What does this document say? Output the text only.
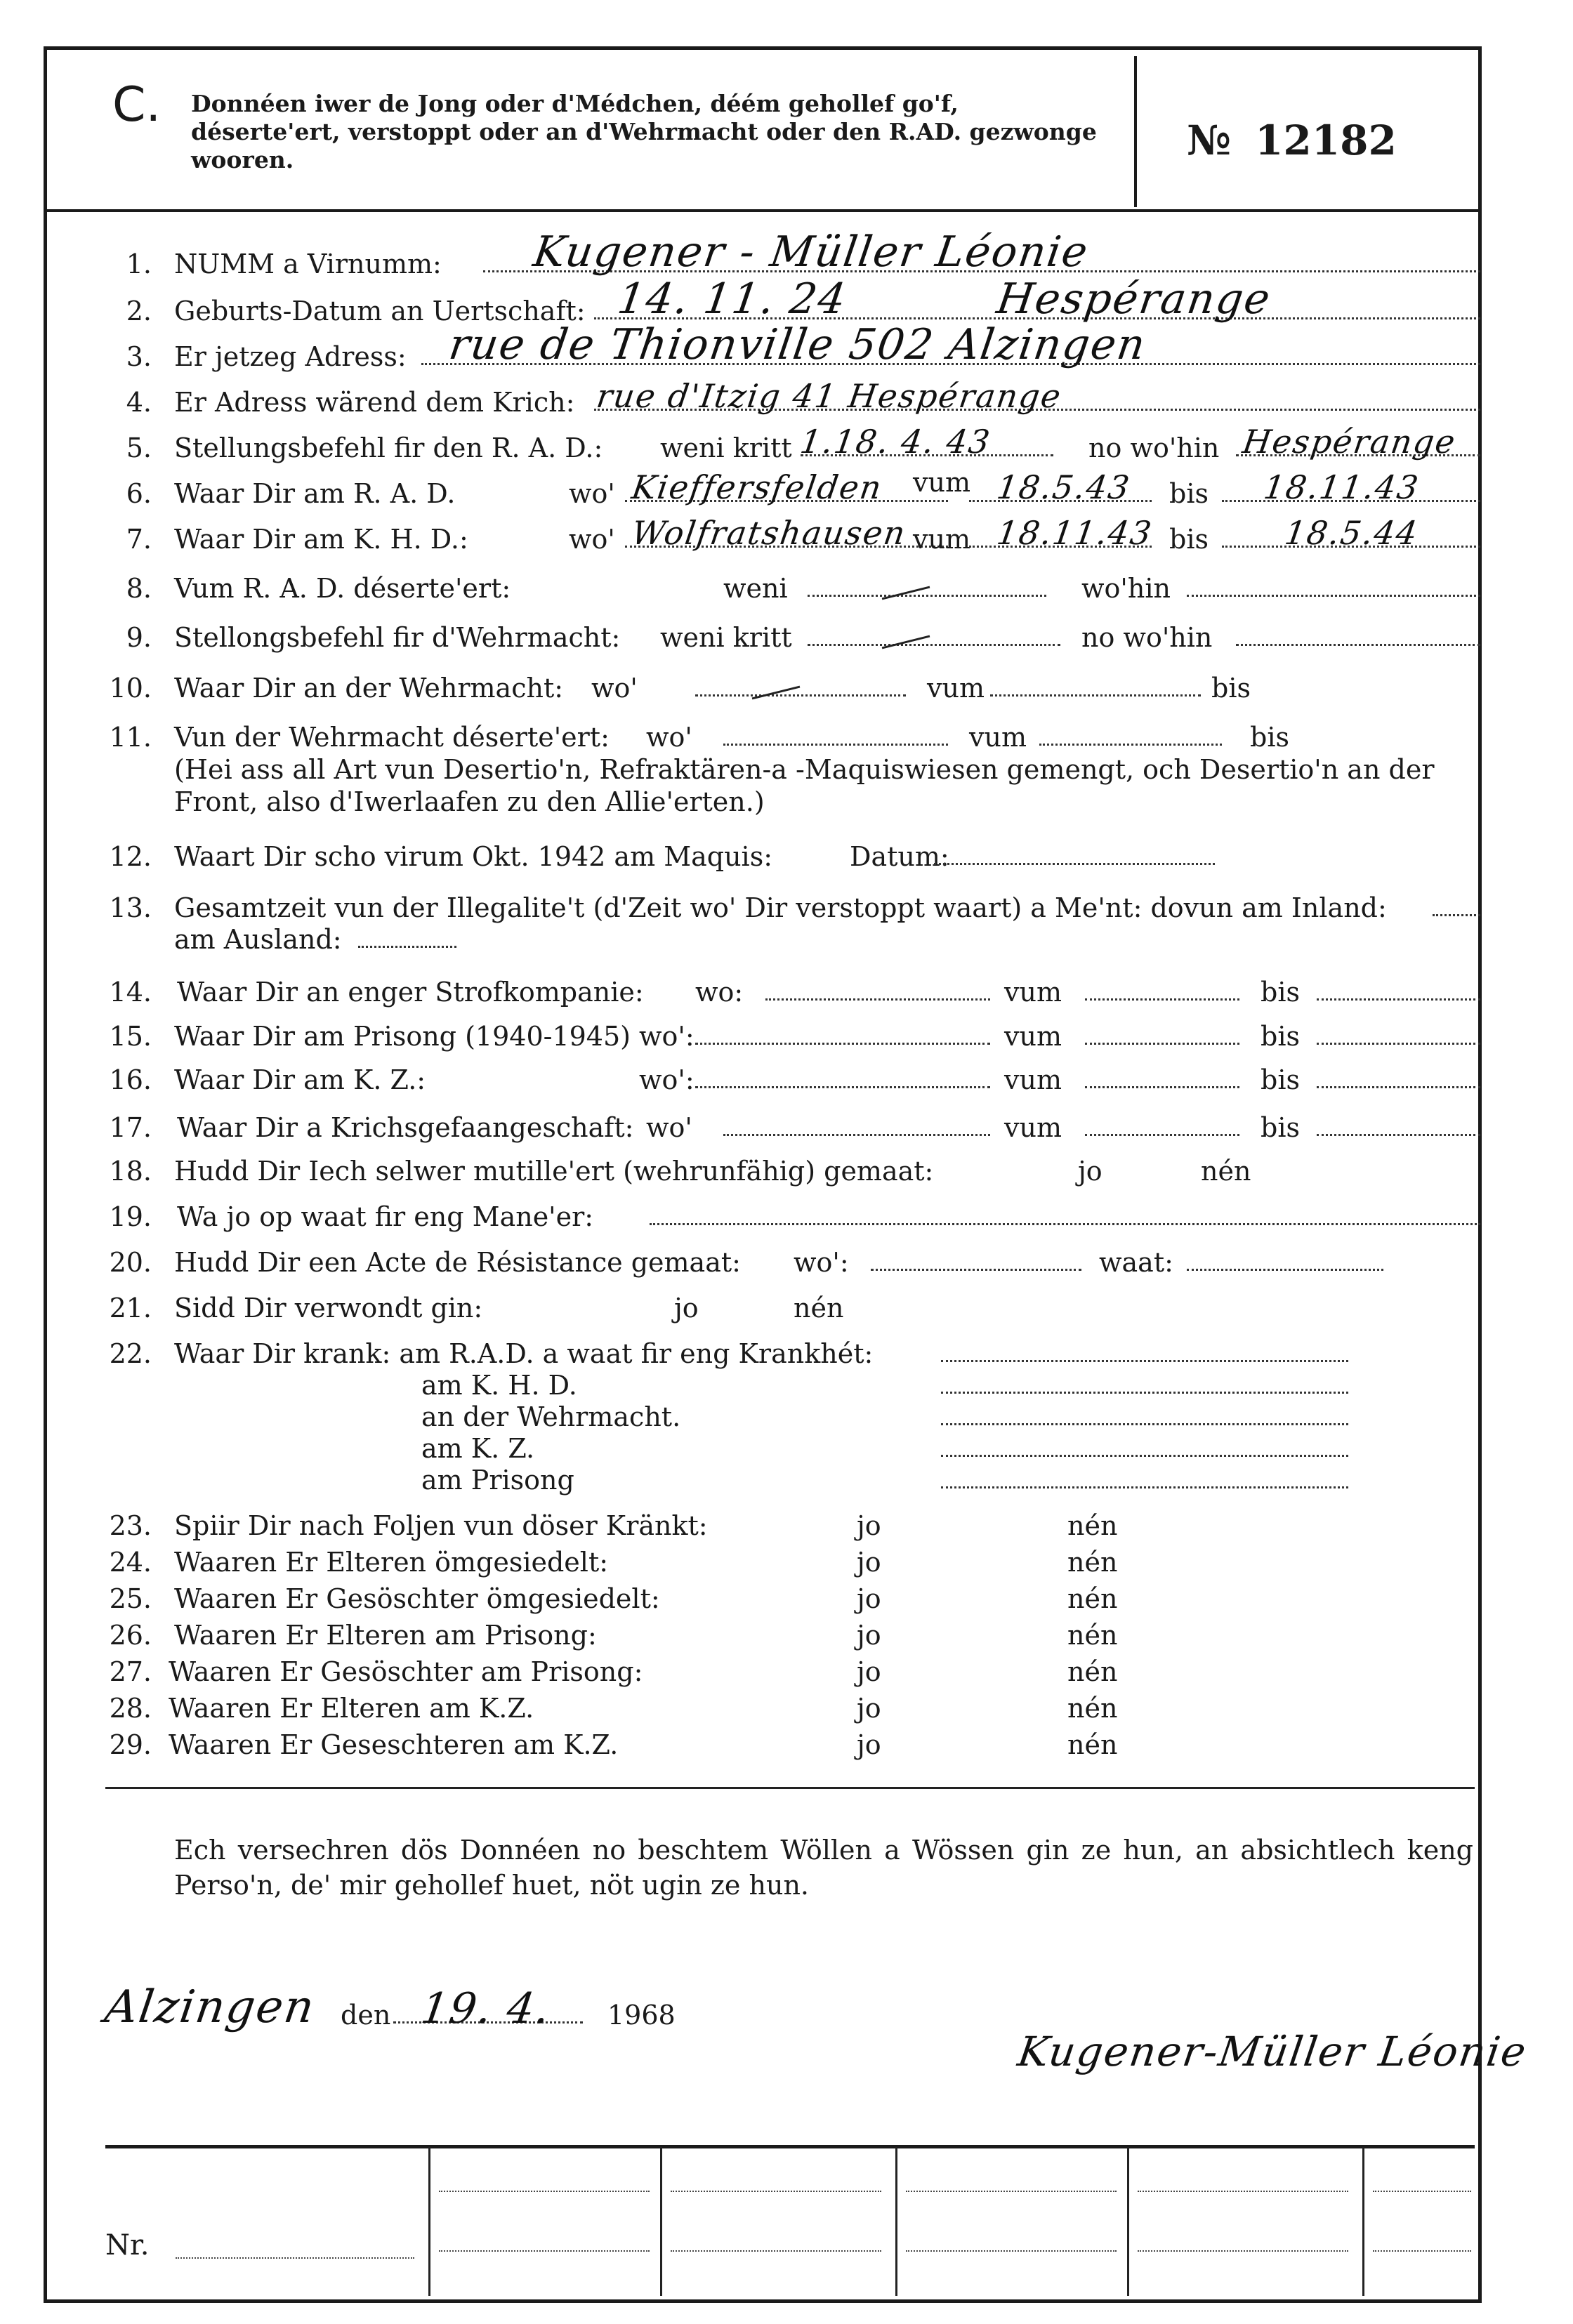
C. Donnéen iwer de Jong oder d'Médchen, déém gehollef go'f, déserte'ert, verstoppt oder an d'Wehrmacht oder den R.AD. gezwonge wooren.	№ 12182
1. NUMM a Virnumm: Kugener - Müller Léonie
2. Geburts-Datum an Uertschaft: 14. 11. 24	Hespérange
3. Er jetzeg Adress: rue de Thionville 502 Alzingen
4. Er Adress wärend dem Krich: rue d'Itzig 41 Hespérange
5. Stellungsbefehl fir den R. A. D.: weni kritt 1.18. 4. 43	no wo'hin Hespérange
6. Waar Dir am R. A. D.	wo' Kieffersfelden vum 18.5.43 bis 18.11.43
7. Waar Dir am K. H. D.:	wo' Wolfratshausen vum 18.11.43 bis 18.5.44
8. Vum R. A. D. déserte'ert:	weni	wo'hin
9. Stellongsbefehl fir d'Wehrmacht: weni kritt	no wo'hin
10. Waar Dir an der Wehrmacht: wo'	vum	bis
11. Vun der Wehrmacht déserte'ert: wo'	vum	bis
(Hei ass all Art vun Desertio'n, Refraktären-a -Maquiswiesen gemengt, och Desertio'n an der
Front, also d'Iwerlaafen zu den Allie'erten.)
12. Waart Dir scho virum Okt. 1942 am Maquis:	Datum:
13. Gesamtzeit vun der Illegalite't (d'Zeit wo' Dir verstoppt waart) a Me'nt: dovun am Inland:
am Ausland:
14. Waar Dir an enger Strofkompanie: wo:	vum	bis
15. Waar Dir am Prisong (1940-1945) wo':	vum	bis
16. Waar Dir am K. Z.:	wo':	vum	bis
17. Waar Dir a Krichsgefaangeschaft: wo'	vum	bis
18. Hudd Dir Iech selwer mutille'ert (wehrunfähig) gemaat:	jo	nén
19. Wa jo op waat fir eng Mane'er:
20. Hudd Dir een Acte de Résistance gemaat: wo':	waat:
21. Sidd Dir verwondt gin:	jo	nén
22. Waar Dir krank: am R.A.D. a waat fir eng Krankhét:
am K. H. D.
an der Wehrmacht.
am K. Z.
am Prisong
23. Spiir Dir nach Foljen vun döser Kränkt:	jo	nén
24. Waaren Er Elteren ömgesiedelt:	jo	nén
25. Waaren Er Gesöschter ömgesiedelt:	jo	nén
26. Waaren Er Elteren am Prisong:	jo	nén
27. Waaren Er Gesöschter am Prisong:	jo	nén
28. Waaren Er Elteren am K.Z.	jo	nén
29. Waaren Er Geseschteren am K.Z.	jo	nén
Ech versechren dös Donnéen no beschtem Wöllen a Wössen gin ze hun, an absichtlech keng Perso'n, de' mir gehollef huet, nöt ugin ze hun.
Alzingen den 19. 4. 1968
Kugener-Müller Léonie
Nr.
